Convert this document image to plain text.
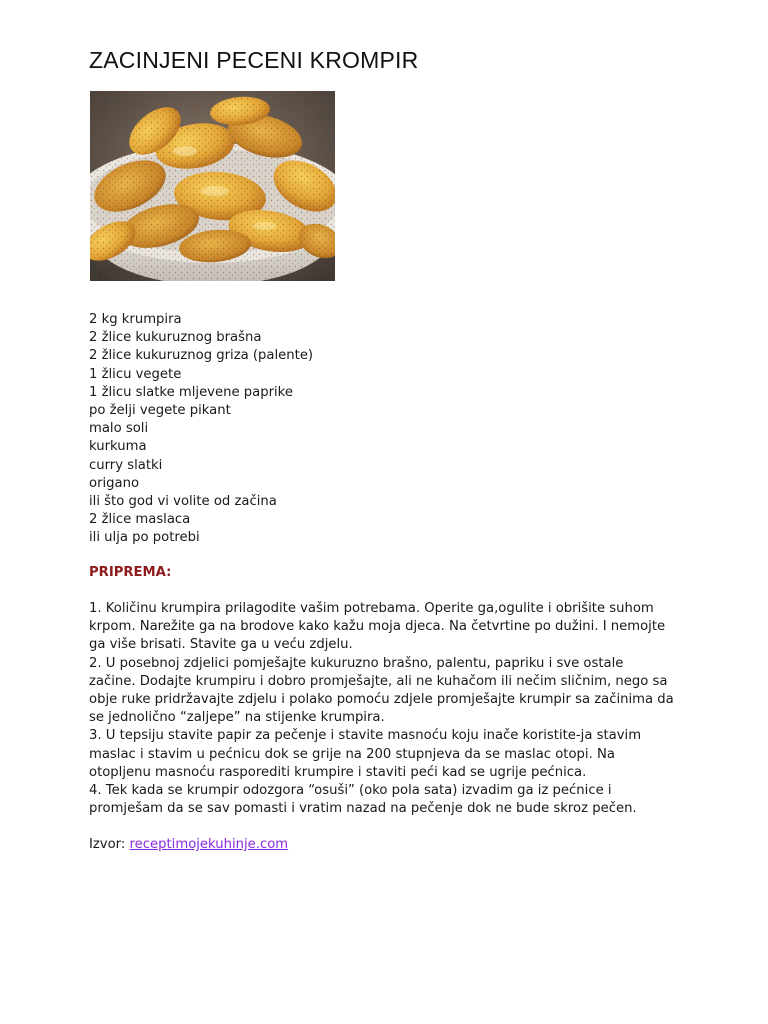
ZACINJENI PECENI KROMPIR
2 kg krumpira
2 žlice kukuruznog brašna
2 žlice kukuruznog griza (palente)
1 žlicu vegete
1 žlicu slatke mljevene paprike
po želji vegete pikant
malo soli
kurkuma
curry slatki
origano
ili što god vi volite od začina
2 žlice maslaca
ili ulja po potrebi
PRIPREMA:

1. Količinu krumpira prilagodite vašim potrebama. Operite ga,ogulite i obrišite suhom

krpom. Narežite ga na brodove kako kažu moja djeca. Na četvrtine po dužini. I nemojte

ga više brisati. Stavite ga u veću zdjelu.

2. U posebnoj zdjelici pomješajte kukuruzno brašno, palentu, papriku i sve ostale

začine. Dodajte krumpiru i dobro promješajte, ali ne kuhačom ili nečim sličnim, nego sa

obje ruke pridržavajte zdjelu i polako pomoću zdjele promješajte krumpir sa začinima da

se jednolično “zaljepe” na stijenke krumpira.

3. U tepsiju stavite papir za pečenje i stavite masnoću koju inače koristite-ja stavim

maslac i stavim u pećnicu dok se grije na 200 stupnjeva da se maslac otopi. Na

otopljenu masnoću rasporediti krumpire i staviti peći kad se ugrije pećnica.

4. Tek kada se krumpir odozgora “osuši” (oko pola sata) izvadim ga iz pećnice i

promješam da se sav pomasti i vratim nazad na pečenje dok ne bude skroz pečen.

Izvor: receptimojekuhinje.com
